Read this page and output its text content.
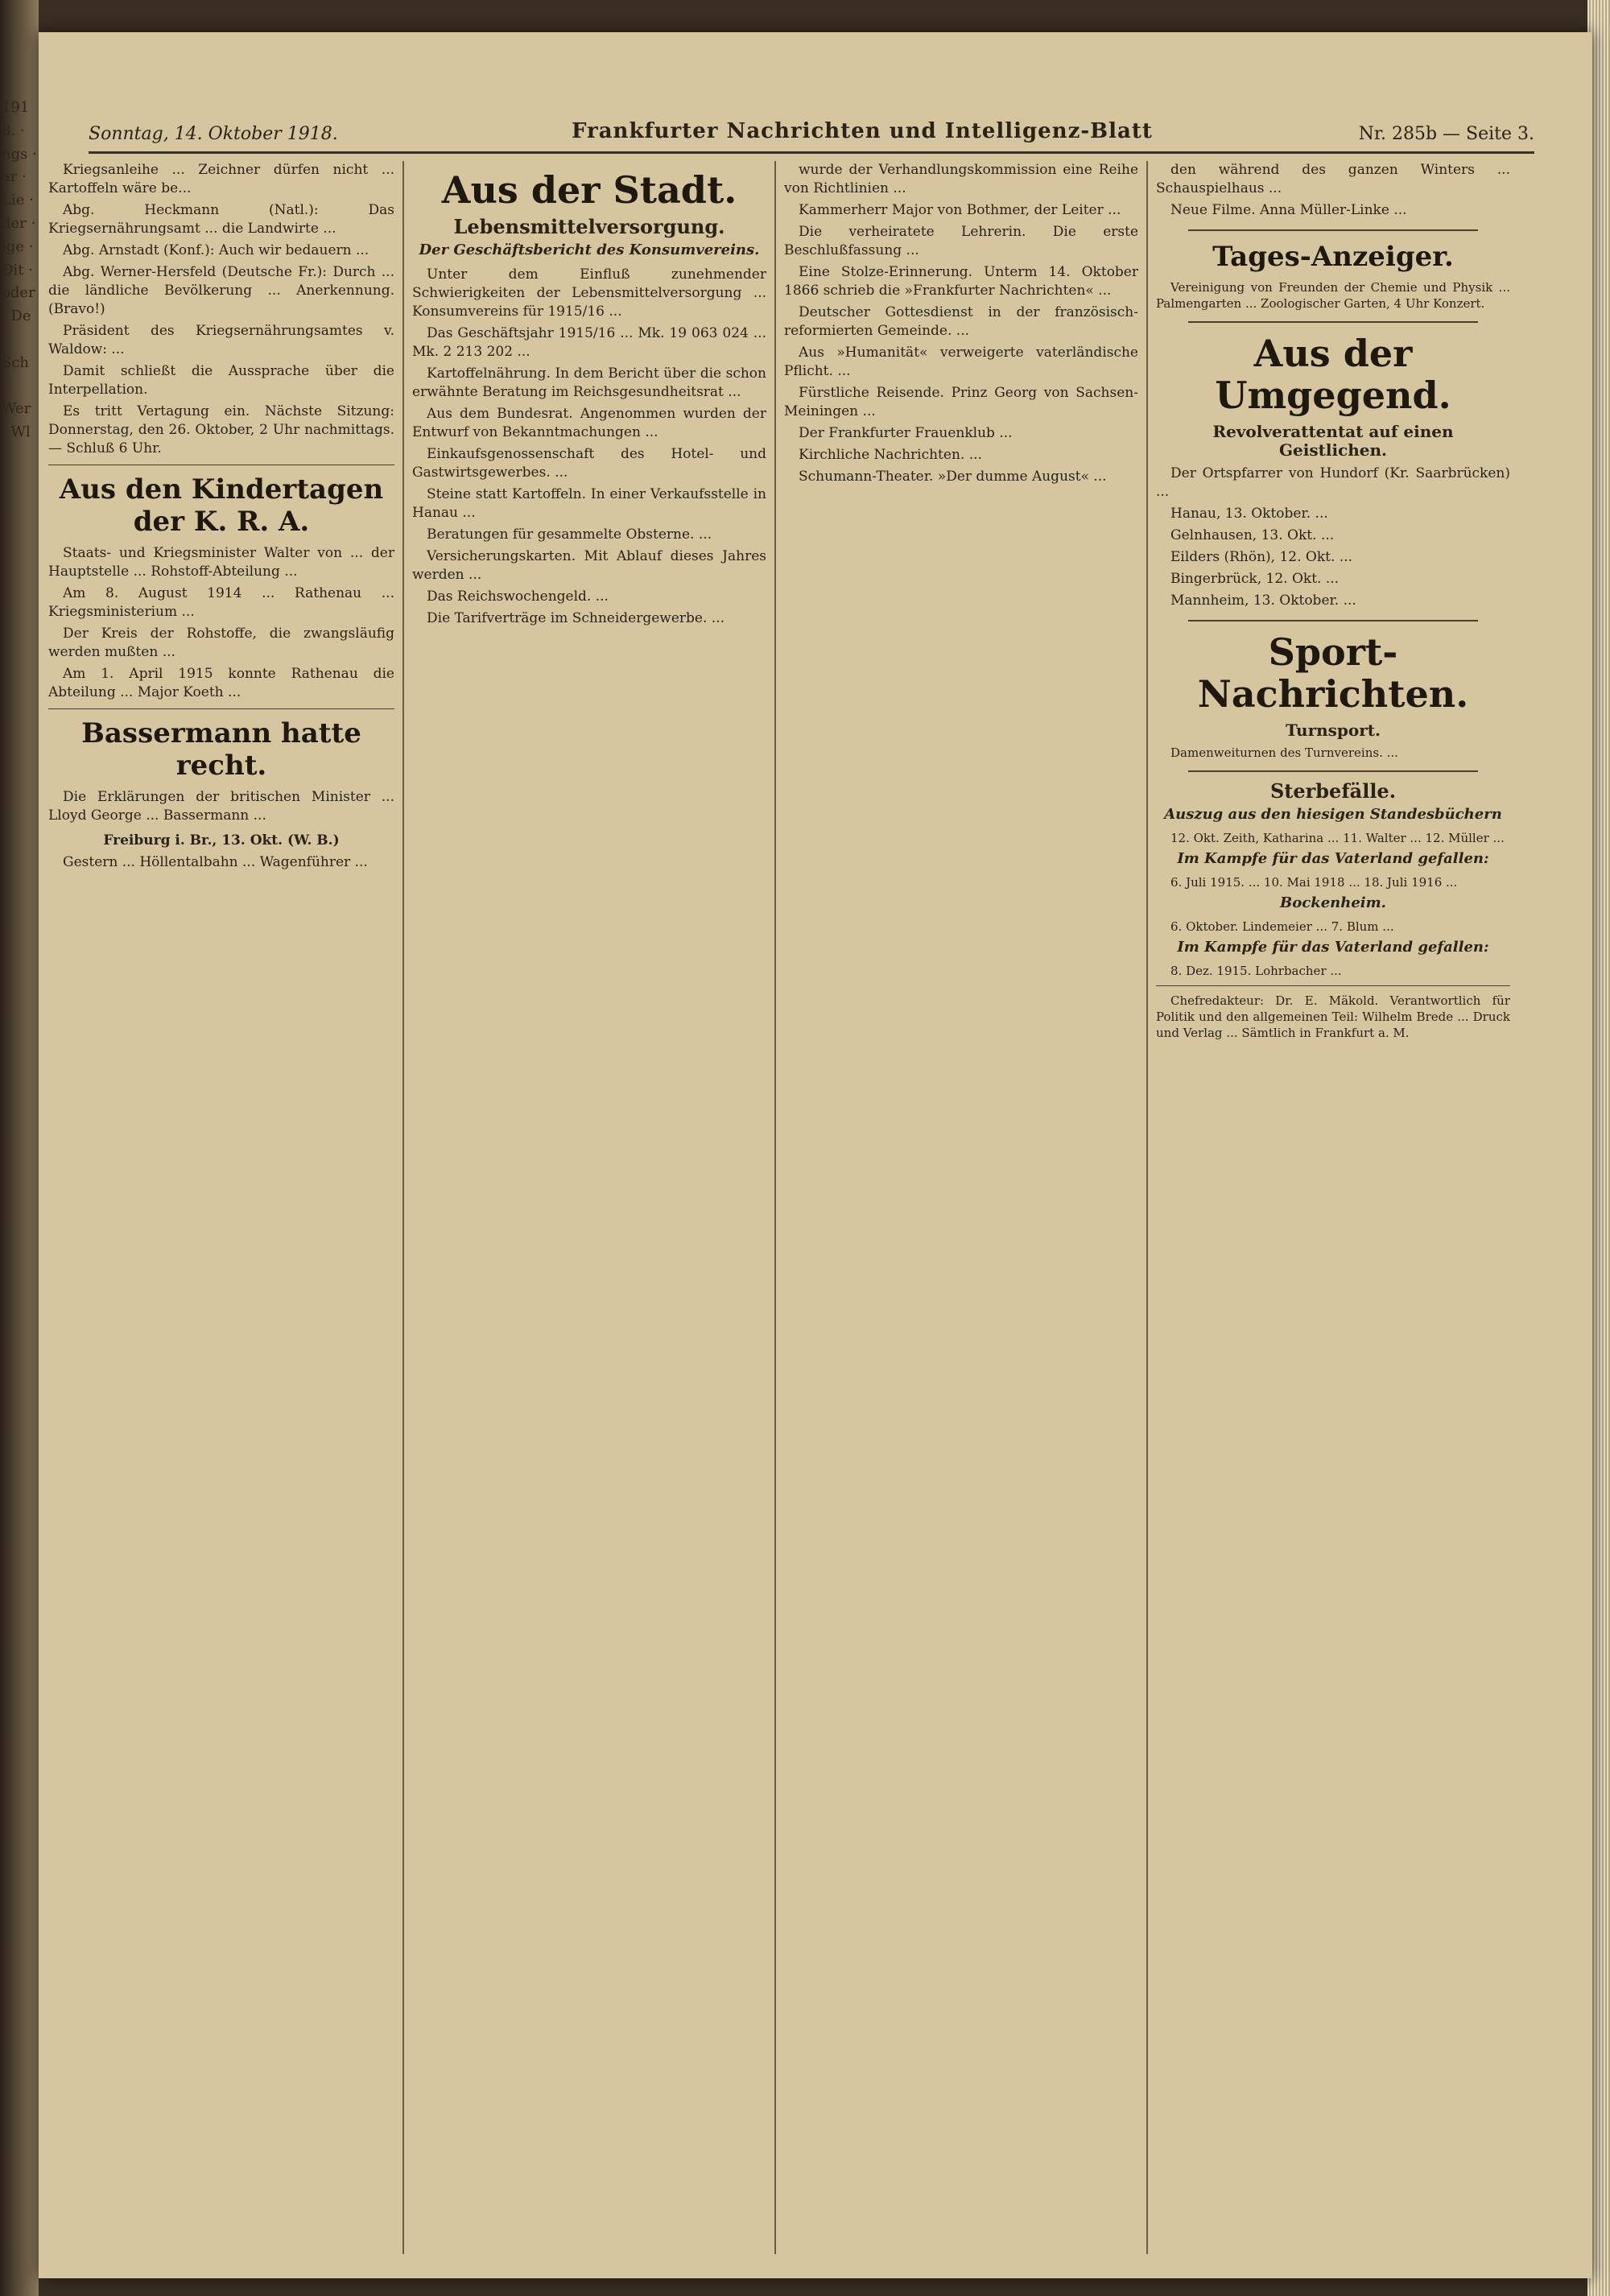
1918. · ngs · ar · Lie · der · ige · Dit · oder · De · Sch · Wer · Wl
Sonntag, 14. Oktober 1918.	Frankfurter Nachrichten und Intelligenz-Blatt	Nr. 285b — Seite 3.

Kriegsanleihe ... Zeichner dürfen nicht ... Kartoffeln wäre be...

Abg. Heckmann (Natl.): Das Kriegsernährungsamt ... die Landwirte ...

Abg. Arnstadt (Konf.): Auch wir bedauern ...

Abg. Werner-Hersfeld (Deutsche Fr.): Durch ... die ländliche Bevölkerung ... Anerkennung. (Bravo!)

Präsident des Kriegsernährungsamtes v. Waldow: ...

Damit schließt die Aussprache über die Interpellation.

Es tritt Vertagung ein. Nächste Sitzung: Donnerstag, den 26. Oktober, 2 Uhr nachmittags. — Schluß 6 Uhr.

Aus den Kindertagen der K. R. A.

Staats- und Kriegsminister Walter von ... der Hauptstelle ... Rohstoff-Abteilung ...

Am 8. August 1914 ... Rathenau ... Kriegsministerium ...

Der Kreis der Rohstoffe, die zwangsläufig werden mußten ...

Am 1. April 1915 konnte Rathenau die Abteilung ... Major Koeth ...

Bassermann hatte recht.

Die Erklärungen der britischen Minister ... Lloyd George ... Bassermann ...

Freiburg i. Br., 13. Okt. (W. B.)

Gestern ... Höllentalbahn ... Wagenführer ...

Aus der Stadt.
Lebensmittelversorgung.
Der Geschäftsbericht des Konsumvereins.

Unter dem Einfluß zunehmender Schwierigkeiten der Lebensmittelversorgung ... Konsumvereins für 1915/16 ...

Das Geschäftsjahr 1915/16 ... Mk. 19 063 024 ... Mk. 2 213 202 ...

Kartoffelnährung. In dem Bericht über die schon erwähnte Beratung im Reichsgesundheitsrat ...

Aus dem Bundesrat. Angenommen wurden der Entwurf von Bekanntmachungen ...

Einkaufsgenossenschaft des Hotel- und Gastwirtsgewerbes. ...

Steine statt Kartoffeln. In einer Verkaufsstelle in Hanau ...

Beratungen für gesammelte Obsterne. ...

Versicherungskarten. Mit Ablauf dieses Jahres werden ...

Das Reichswochengeld. ...

Die Tarifverträge im Schneidergewerbe. ...

wurde der Verhandlungskommission eine Reihe von Richtlinien ...

Kammerherr Major von Bothmer, der Leiter ...

Die verheiratete Lehrerin. Die erste Beschlußfassung ...

Eine Stolze-Erinnerung. Unterm 14. Oktober 1866 schrieb die »Frankfurter Nachrichten« ...

Deutscher Gottesdienst in der französisch-reformierten Gemeinde. ...

Aus »Humanität« verweigerte vaterländische Pflicht. ...

Fürstliche Reisende. Prinz Georg von Sachsen-Meiningen ...

Der Frankfurter Frauenklub ...

Kirchliche Nachrichten. ...

Schumann-Theater. »Der dumme August« ...

den während des ganzen Winters ... Schauspielhaus ...

Neue Filme. Anna Müller-Linke ...

Tages-Anzeiger.

Vereinigung von Freunden der Chemie und Physik ... Palmengarten ... Zoologischer Garten, 4 Uhr Konzert.

Aus der Umgegend.
Revolverattentat auf einen Geistlichen.

Der Ortspfarrer von Hundorf (Kr. Saarbrücken) ...

Hanau, 13. Oktober. ...

Gelnhausen, 13. Okt. ...

Eilders (Rhön), 12. Okt. ...

Bingerbrück, 12. Okt. ...

Mannheim, 13. Oktober. ...

Sport-Nachrichten.
Turnsport.

Damenweiturnen des Turnvereins. ...

Sterbefälle.
Auszug aus den hiesigen Standesbüchern

12. Okt. Zeith, Katharina ... 11. Walter ... 12. Müller ...

Im Kampfe für das Vaterland gefallen:

6. Juli 1915. ... 10. Mai 1918 ... 18. Juli 1916 ...

Bockenheim.

6. Oktober. Lindemeier ... 7. Blum ...

Im Kampfe für das Vaterland gefallen:

8. Dez. 1915. Lohrbacher ...

Chefredakteur: Dr. E. Mäkold. Verantwortlich für Politik und den allgemeinen Teil: Wilhelm Brede ... Druck und Verlag ... Sämtlich in Frankfurt a. M.
